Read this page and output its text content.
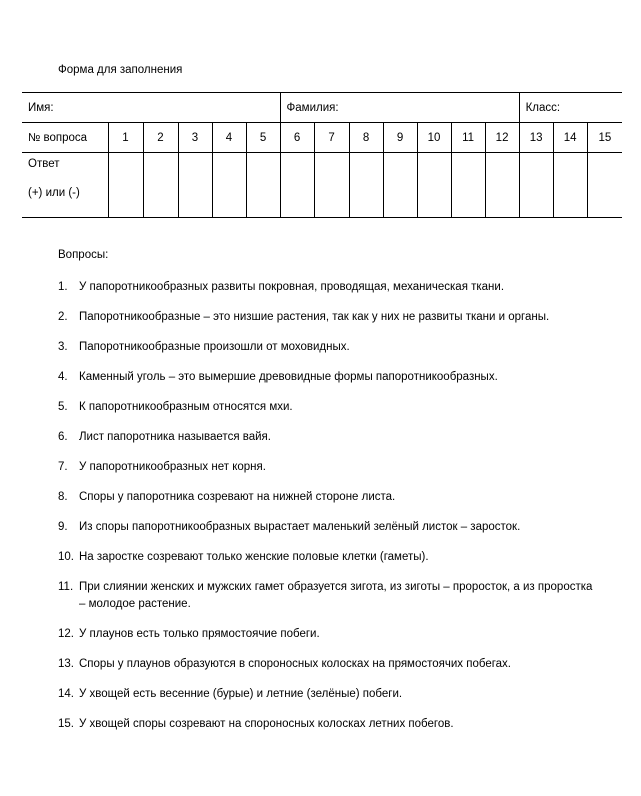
Форма для заполнения
Имя:						Фамилия:							Класс:		
№ вопроса	1	2	3	4	5	6	7	8	9	10	11	12	13	14	15
Ответ
(+) или (-)															

Вопросы:
1. У папоротникообразных развиты покровная, проводящая, механическая ткани.
2. Папоротникообразные – это низшие растения, так как у них не развиты ткани и органы.
3. Папоротникообразные произошли от моховидных.
4. Каменный уголь – это вымершие древовидные формы папоротникообразных.
5. К папоротникообразным относятся мхи.
6. Лист папоротника называется вайя.
7. У папоротникообразных нет корня.
8. Споры у папоротника созревают на нижней стороне листа.
9. Из споры папоротникообразных вырастает маленький зелёный листок – заросток.
10. На заростке созревают только женские половые клетки (гаметы).
11. При слиянии женских и мужских гамет образуется зигота, из зиготы – проросток, а из проростка – молодое растение.
12. У плаунов есть только прямостоячие побеги.
13. Споры у плаунов образуются в спороносных колосках на прямостоячих побегах.
14. У хвощей есть весенние (бурые) и летние (зелёные) побеги.
15. У хвощей споры созревают на спороносных колосках летних побегов.
